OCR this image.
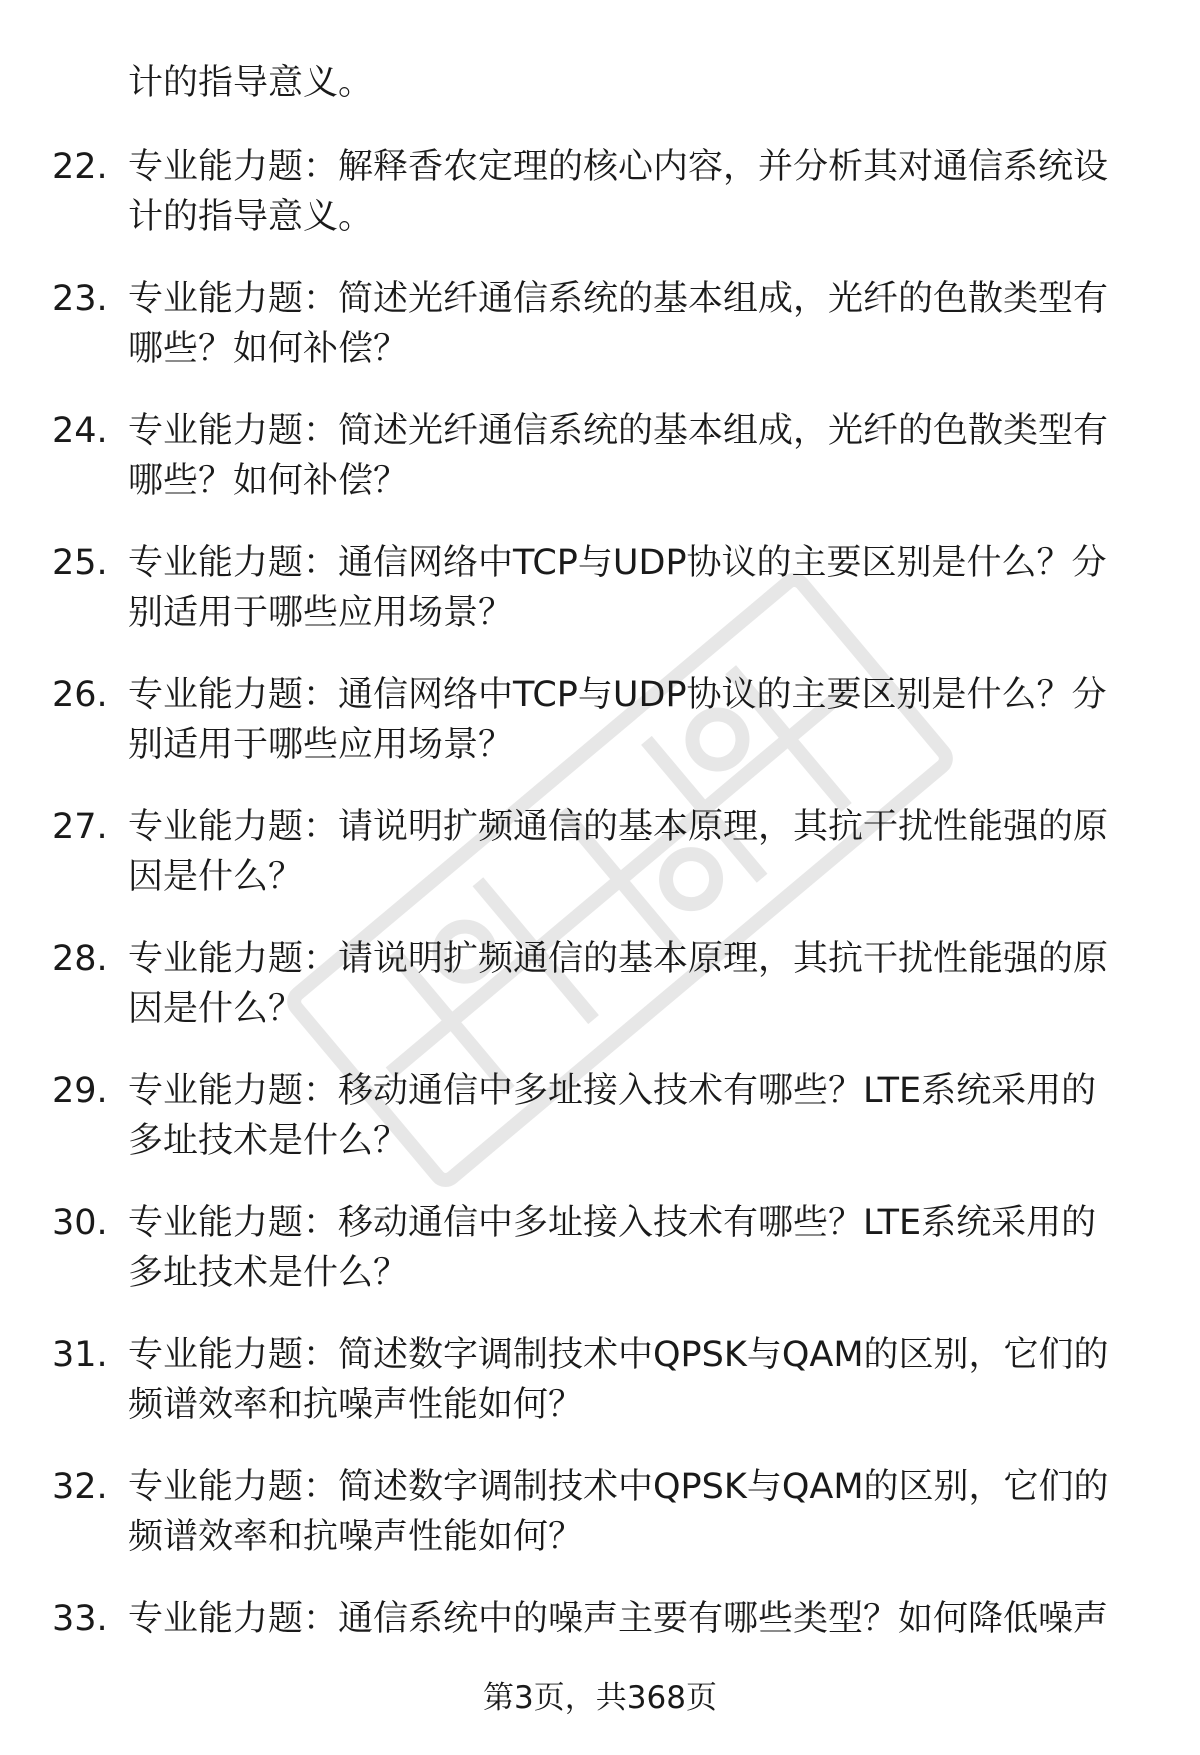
计的指导意义。
22. 专业能力题：解释香农定理的核心内容，并分析其对通信系统设
计的指导意义。
23. 专业能力题：简述光纤通信系统的基本组成，光纤的色散类型有
哪些？如何补偿？
24. 专业能力题：简述光纤通信系统的基本组成，光纤的色散类型有
哪些？如何补偿？
25. 专业能力题：通信网络中TCP与UDP协议的主要区别是什么？分
别适用于哪些应用场景？
26. 专业能力题：通信网络中TCP与UDP协议的主要区别是什么？分
别适用于哪些应用场景？
27. 专业能力题：请说明扩频通信的基本原理，其抗干扰性能强的原
因是什么？
28. 专业能力题：请说明扩频通信的基本原理，其抗干扰性能强的原
因是什么？
29. 专业能力题：移动通信中多址接入技术有哪些？LTE系统采用的
多址技术是什么？
30. 专业能力题：移动通信中多址接入技术有哪些？LTE系统采用的
多址技术是什么？
31. 专业能力题：简述数字调制技术中QPSK与QAM的区别，它们的
频谱效率和抗噪声性能如何？
32. 专业能力题：简述数字调制技术中QPSK与QAM的区别，它们的
频谱效率和抗噪声性能如何？
33. 专业能力题：通信系统中的噪声主要有哪些类型？如何降低噪声
第3页，共368页
